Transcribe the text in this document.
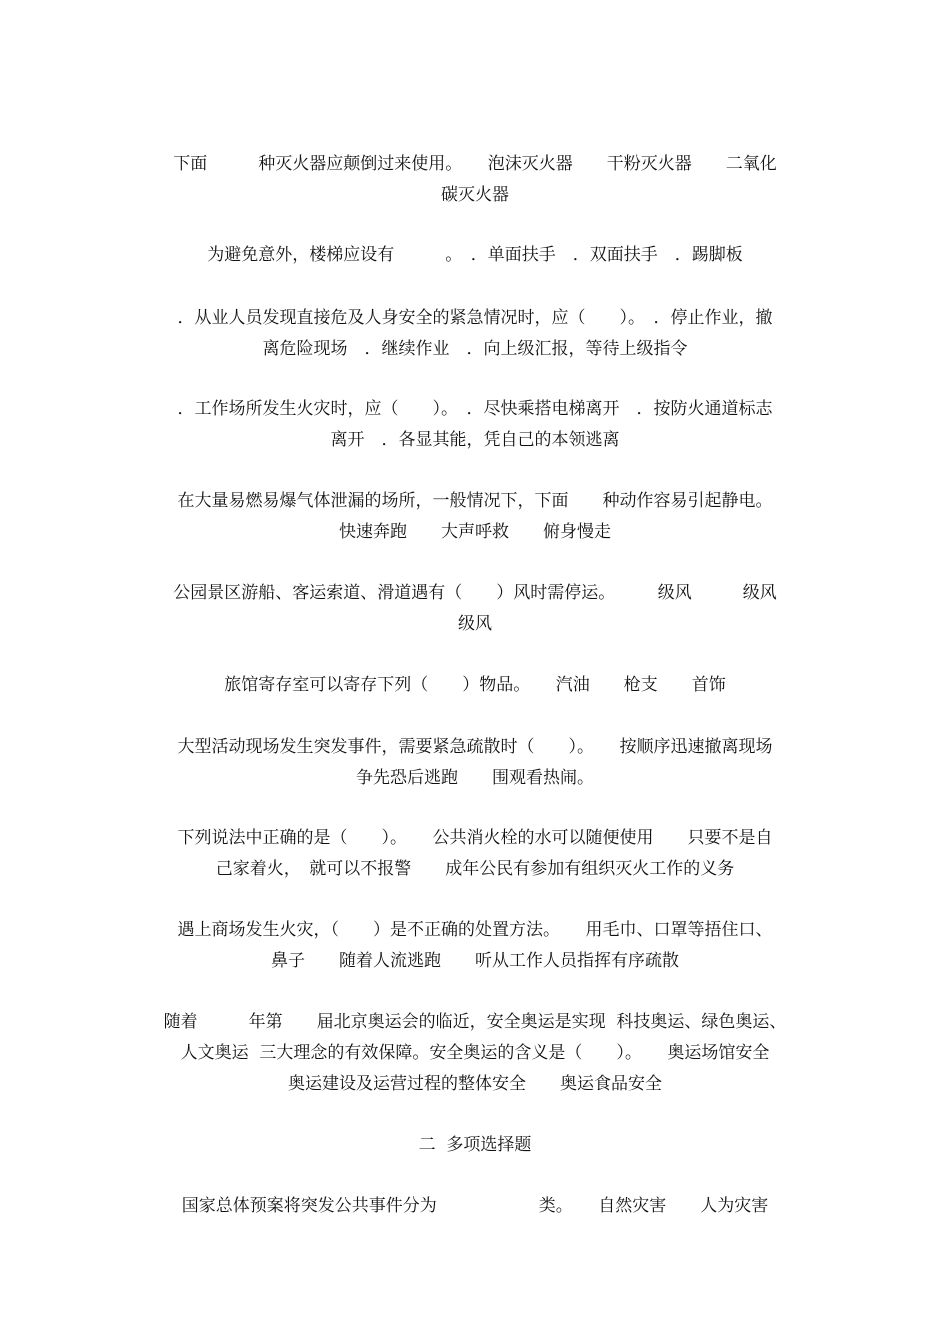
下面　　　种灭火器应颠倒过来使用。　　泡沫灭火器　　干粉灭火器　　二氧化
碳灭火器
为避免意外，楼梯应设有　　　。　．单面扶手　．双面扶手　．踢脚板
．从业人员发现直接危及人身安全的紧急情况时，应（　　）。　．停止作业，撤
离危险现场　．继续作业　．向上级汇报，等待上级指令
．工作场所发生火灾时，应（　　）。　．尽快乘搭电梯离开　．按防火通道标志
离开　．各显其能，凭自己的本领逃离
在大量易燃易爆气体泄漏的场所，一般情况下，下面　　种动作容易引起静电。
快速奔跑　　大声呼救　　俯身慢走
公园景区游船、客运索道、滑道遇有（　　）风时需停运。　　　级风　　　级风
级风
旅馆寄存室可以寄存下列（　　）物品。　　汽油　　枪支　　首饰
大型活动现场发生突发事件，需要紧急疏散时（　　）。　　按顺序迅速撤离现场
争先恐后逃跑　　围观看热闹。
下列说法中正确的是（　　）。　　公共消火栓的水可以随便使用　　只要不是自
己家着火，　就可以不报警　　成年公民有参加有组织灭火工作的义务
遇上商场发生火灾，（　　）是不正确的处置方法。　　用毛巾、口罩等捂住口、
鼻子　　随着人流逃跑　　听从工作人员指挥有序疏散
随着　　　年第　　届北京奥运会的临近，安全奥运是实现  科技奥运、绿色奥运、
人文奥运  三大理念的有效保障。安全奥运的含义是（　　）。　　奥运场馆安全
奥运建设及运营过程的整体安全　　奥运食品安全
二  多项选择题
国家总体预案将突发公共事件分为　　　　　　类。　　自然灾害　　人为灾害
